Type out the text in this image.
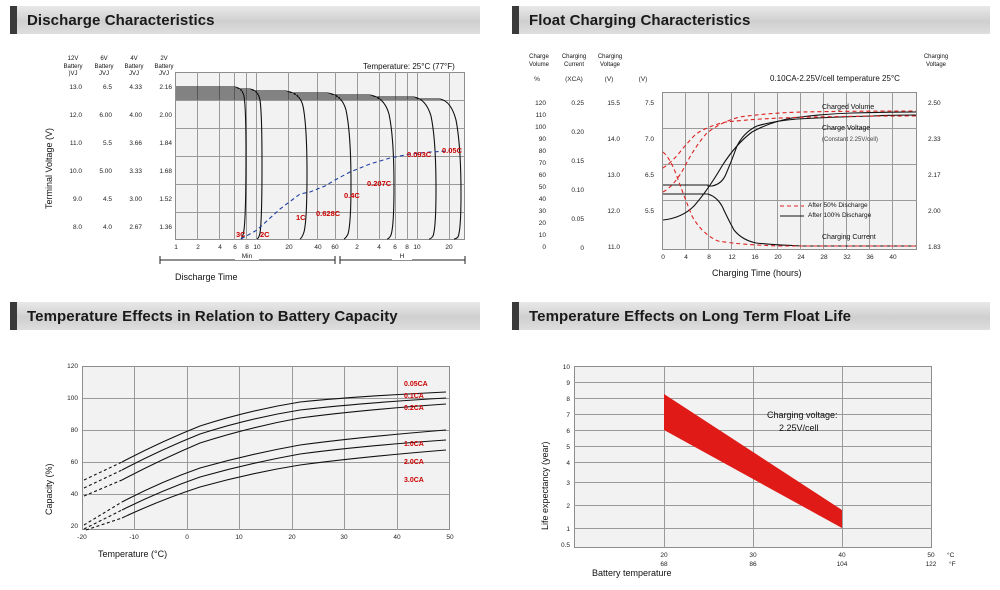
Discharge Characteristics
12V
Battery
)VJ
6V
Battery
JVJ
4V
Battery
JVJ
2V
Battery
JVJ
Terminal Voltage (V)
13.0
12.0
11.0
10.0
9.0
8.0
6.5
6.00
5.5
5.00
4.5
4.0
4.33
4.00
3.66
3.33
3.00
2.67
2.16
2.00
1.84
1.68
1.52
1.36
3C 2C
1C 0.628C
0.4C
0.207C
0.093C 0.05C
Temperature: 25°C (77°F)
1	2	4	6	8 10	20	40	60	2	4	6	8 10	20
Min	H
Discharge Time
Float Charging Characteristics
Charge
Volume
Charging
Current
Charging
Voltage
Charging
Voltage
%	(XCA)	(V)	(V)
120
110
100
90
80
70
60
50
40
30
20
10
0
0.25
0.20
0.15
0.10
0.05
0
15.5
14.0
13.0
12.0
11.0
7.5
7.0
6.5
5.5
2.50
2.33
2.17
2.00
1.83
0.10CA-2.25V/cell temperature 25°C
Charged Volume
Charge Voltage
(Constant 2.25V/cell)
Charging Current
After 50% Discharge
After 100% Discharge
0	4	8	12	16	20	24	28	32	36	40
Charging Time (hours)
Temperature Effects in Relation to Battery Capacity
Capacity (%)
120
100
80
60
40
20
0.05CA
0.1CA
0.2CA
1.0CA
2.0CA
3.0CA
-20	-10	0	10	20	30	40	50
Temperature (°C)
Temperature Effects on Long Term Float Life
Life expectancy (year)
10
9
8
7
6
5
4
3
2
1
0.5
Charging voltage:
2.25V/cell
20	30	40	50
68	86	104	122
°C
°F
Battery temperature
